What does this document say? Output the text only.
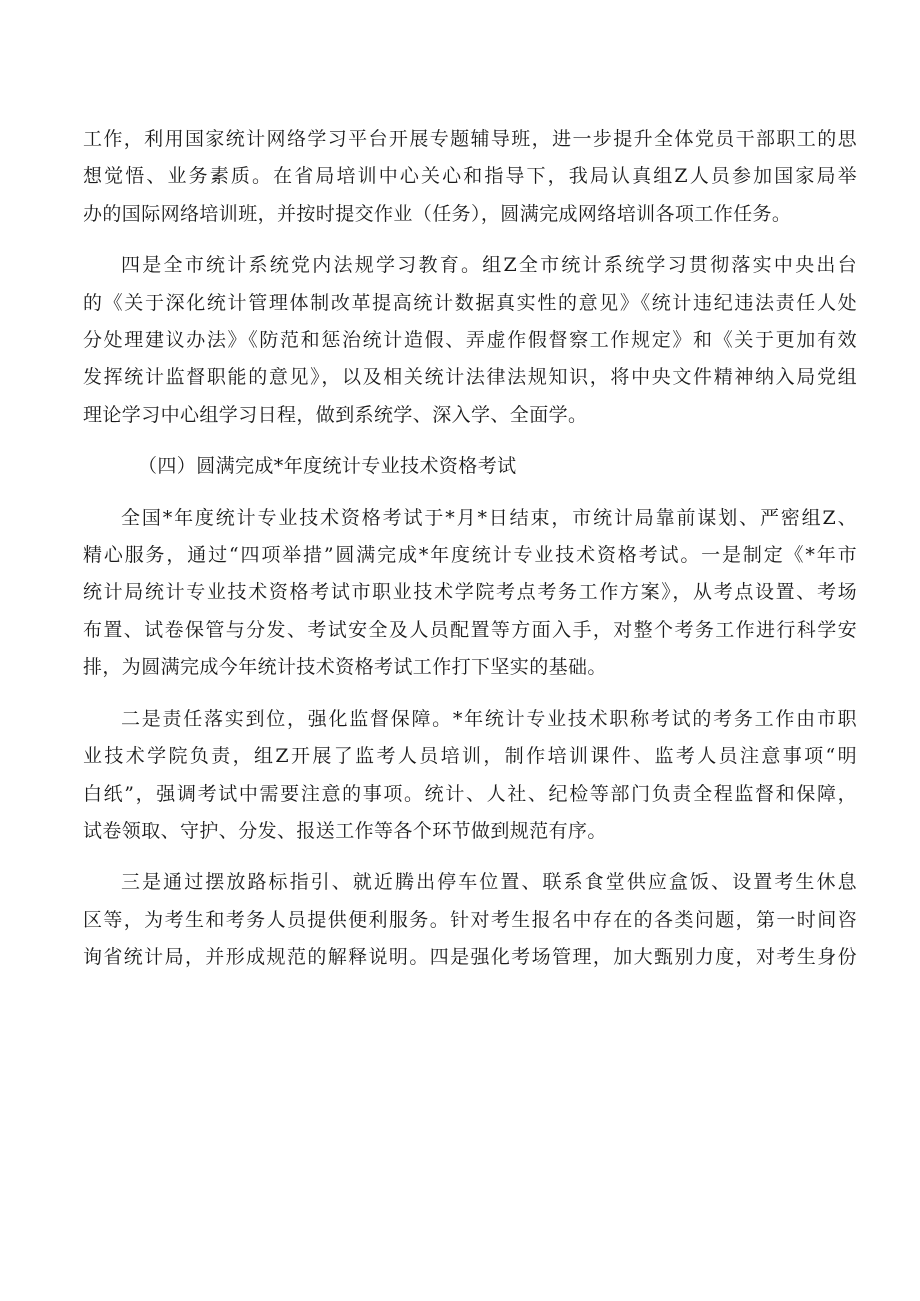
工作，利用国家统计网络学习平台开展专题辅导班，进一步提升全体党员干部职工的思
想觉悟、业务素质。在省局培训中心关心和指导下，我局认真组Z人员参加国家局举
办的国际网络培训班，并按时提交作业（任务），圆满完成网络培训各项工作任务。

四是全市统计系统党内法规学习教育。组Z全市统计系统学习贯彻落实中央出台
的《关于深化统计管理体制改革提高统计数据真实性的意见》《统计违纪违法责任人处
分处理建议办法》《防范和惩治统计造假、弄虚作假督察工作规定》和《关于更加有效
发挥统计监督职能的意见》，以及相关统计法律法规知识，将中央文件精神纳入局党组
理论学习中心组学习日程，做到系统学、深入学、全面学。

（四）圆满完成*年度统计专业技术资格考试

全国*年度统计专业技术资格考试于*月*日结束，市统计局靠前谋划、严密组Z、
精心服务，通过“四项举措”圆满完成*年度统计专业技术资格考试。一是制定《*年市
统计局统计专业技术资格考试市职业技术学院考点考务工作方案》，从考点设置、考场
布置、试卷保管与分发、考试安全及人员配置等方面入手，对整个考务工作进行科学安
排，为圆满完成今年统计技术资格考试工作打下坚实的基础。

二是责任落实到位，强化监督保障。*年统计专业技术职称考试的考务工作由市职
业技术学院负责，组Z开展了监考人员培训，制作培训课件、监考人员注意事项“明
白纸”，强调考试中需要注意的事项。统计、人社、纪检等部门负责全程监督和保障，
试卷领取、守护、分发、报送工作等各个环节做到规范有序。

三是通过摆放路标指引、就近腾出停车位置、联系食堂供应盒饭、设置考生休息
区等，为考生和考务人员提供便利服务。针对考生报名中存在的各类问题，第一时间咨
询省统计局，并形成规范的解释说明。四是强化考场管理，加大甄别力度，对考生身份
